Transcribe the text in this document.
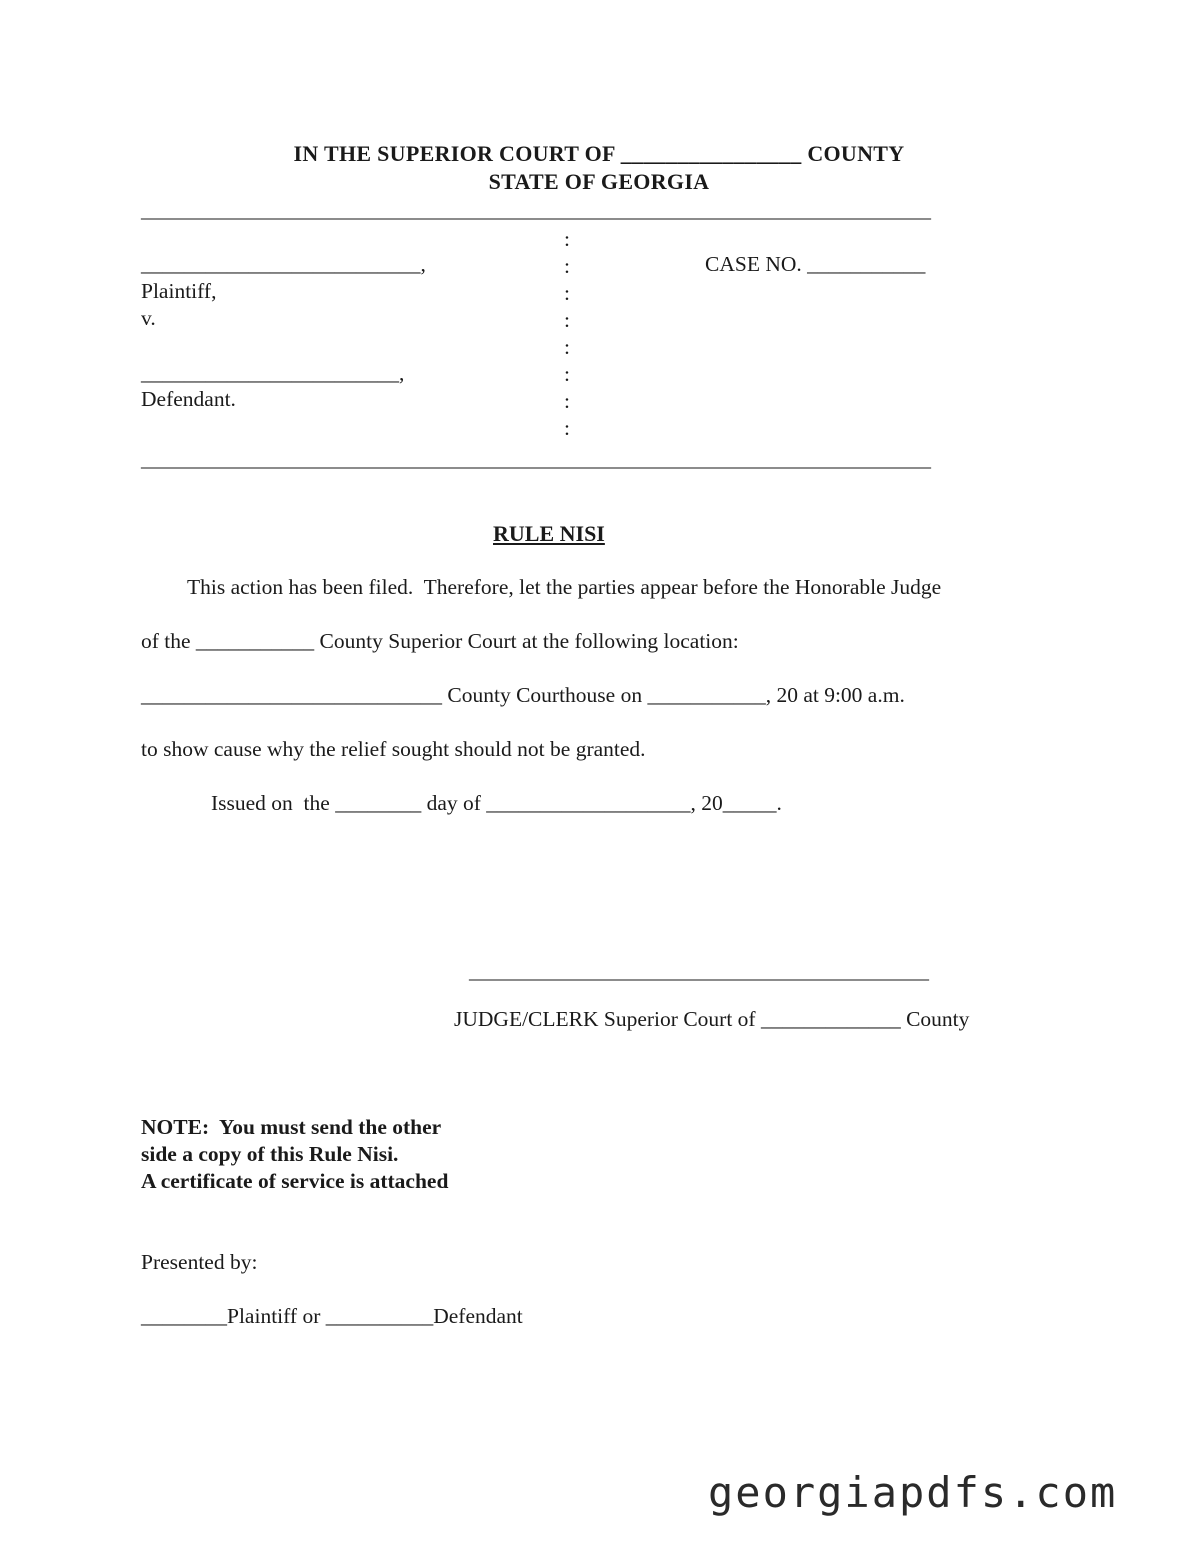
IN THE SUPERIOR COURT OF ________________ COUNTY
STATE OF GEORGIA
_______________________________________________________________________________
:
:
:
:
:
:
:
:
__________________________,
Plaintiff,
v.
________________________,
Defendant.
CASE NO. ___________
_______________________________________________________________________________
RULE NISI
This action has been filed.  Therefore, let the parties appear before the Honorable Judge
of the ___________ County Superior Court at the following location:
____________________________ County Courthouse on ___________, 20 at 9:00 a.m.
to show cause why the relief sought should not be granted.
Issued on  the ________ day of ___________________, 20_____.
______________________________________________
JUDGE/CLERK Superior Court of _____________ County
NOTE:  You must send the other
side a copy of this Rule Nisi.
A certificate of service is attached
Presented by:
________Plaintiff or __________Defendant
georgiapdfs.com
